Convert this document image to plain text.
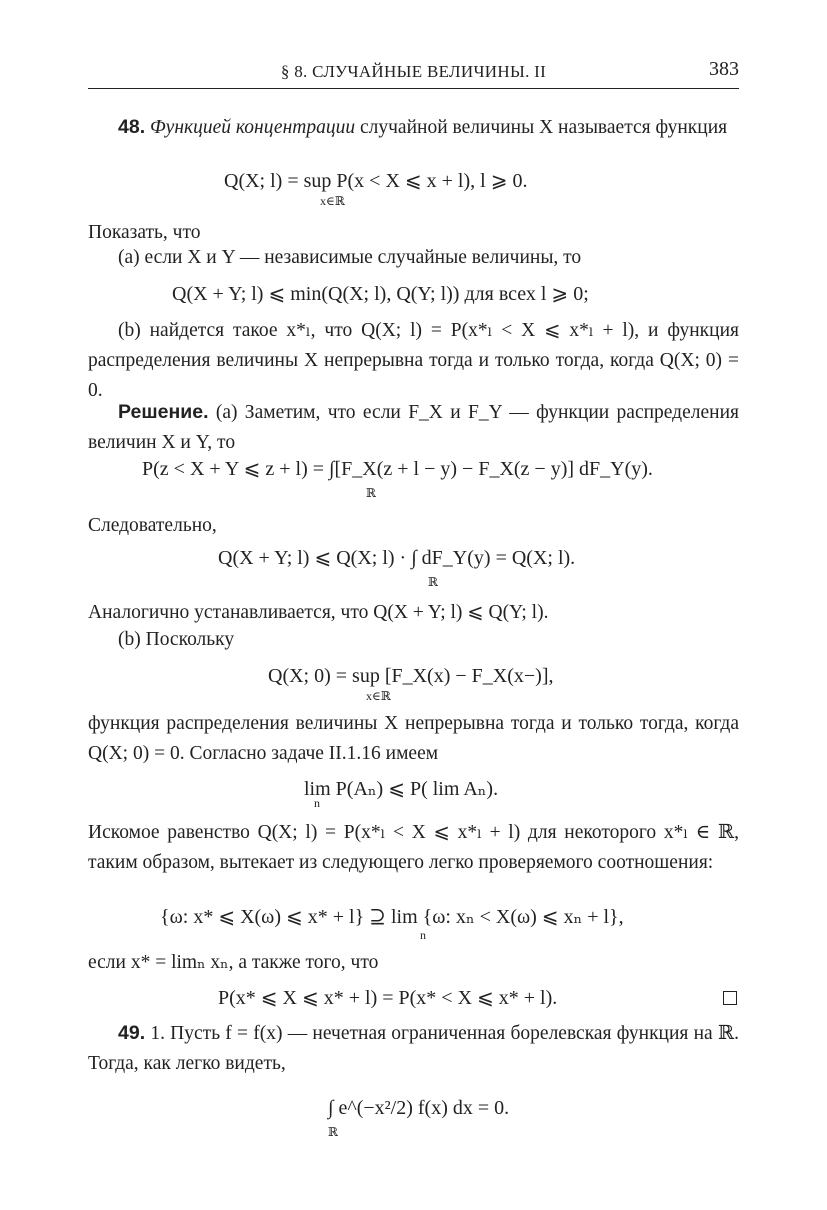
§ 8. СЛУЧАЙНЫЕ ВЕЛИЧИНЫ. II	383
48. Функцией концентрации случайной величины X называется функция
Q(X; l) = sup P(x < X ⩽ x + l), l ⩾ 0.
x∈ℝ
Показать, что
(a) если X и Y — независимые случайные величины, то
Q(X + Y; l) ⩽ min(Q(X; l), Q(Y; l)) для всех l ⩾ 0;
(b) найдется такое x*ₗ, что Q(X; l) = P(x*ₗ < X ⩽ x*ₗ + l), и функция распределения величины X непрерывна тогда и только тогда, когда Q(X; 0) = 0.
Решение. (a) Заметим, что если F_X и F_Y — функции распределения величин X и Y, то
P(z < X + Y ⩽ z + l) = ∫[F_X(z + l − y) − F_X(z − y)] dF_Y(y).
ℝ
Следовательно,
Q(X + Y; l) ⩽ Q(X; l) · ∫ dF_Y(y) = Q(X; l).
ℝ
Аналогично устанавливается, что Q(X + Y; l) ⩽ Q(Y; l).
(b) Поскольку
Q(X; 0) = sup [F_X(x) − F_X(x−)],
x∈ℝ
функция распределения величины X непрерывна тогда и только тогда, когда Q(X; 0) = 0. Согласно задаче II.1.16 имеем
lim P(Aₙ) ⩽ P( lim Aₙ).
n
Искомое равенство Q(X; l) = P(x*ₗ < X ⩽ x*ₗ + l) для некоторого x*ₗ ∈ ℝ, таким образом, вытекает из следующего легко проверяемого соотношения:
{ω: x* ⩽ X(ω) ⩽ x* + l} ⊇ lim {ω: xₙ < X(ω) ⩽ xₙ + l},
n
если x* = limₙ xₙ, а также того, что
P(x* ⩽ X ⩽ x* + l) = P(x* < X ⩽ x* + l).
49. 1. Пусть f = f(x) — нечетная ограниченная борелевская функция на ℝ. Тогда, как легко видеть,
∫ e^(−x²/2) f(x) dx = 0.
ℝ
